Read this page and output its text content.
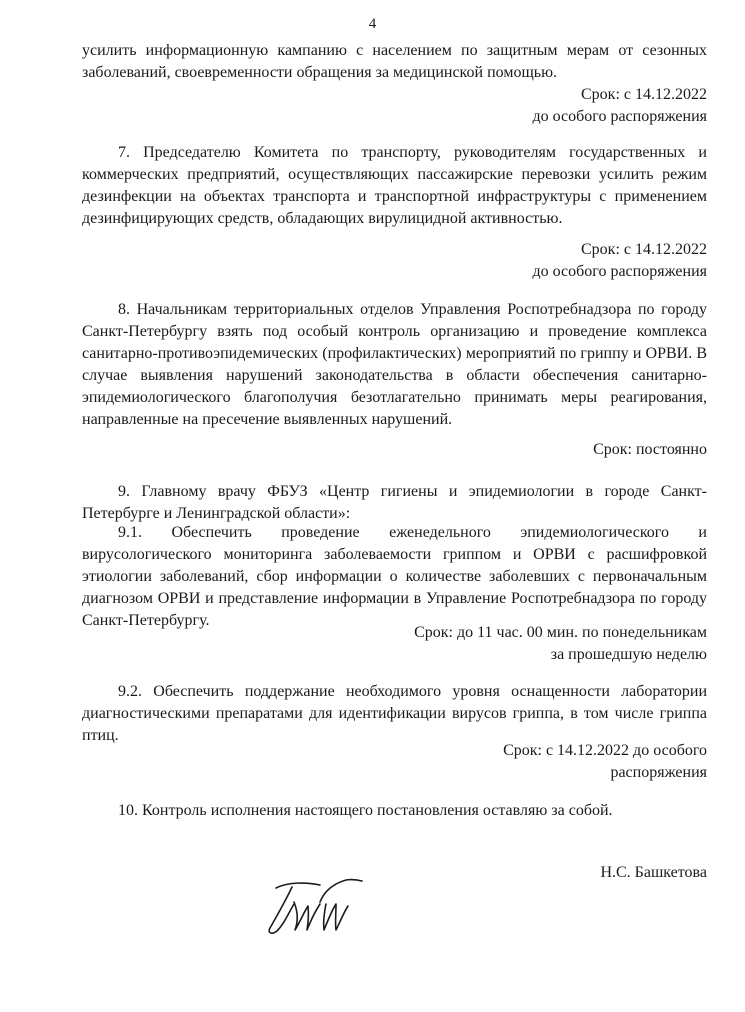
4

усилить информационную кампанию с населением по защитным мерам от сезонных заболеваний, своевременности обращения за медицинской помощью.

Срок: с 14.12.2022
до особого распоряжения

7. Председателю Комитета по транспорту, руководителям государственных и коммерческих предприятий, осуществляющих пассажирские перевозки усилить режим дезинфекции на объектах транспорта и транспортной инфраструктуры с применением дезинфицирующих средств, обладающих вирулицидной активностью.

Срок: с 14.12.2022
до особого распоряжения

8. Начальникам территориальных отделов Управления Роспотребнадзора по городу Санкт-Петербургу взять под особый контроль организацию и проведение комплекса санитарно-противоэпидемических (профилактических) мероприятий по гриппу и ОРВИ. В случае выявления нарушений законодательства в области обеспечения санитарно-эпидемиологического благополучия безотлагательно принимать меры реагирования, направленные на пресечение выявленных нарушений.

Срок: постоянно

9. Главному врачу ФБУЗ «Центр гигиены и эпидемиологии в городе Санкт-Петербурге и Ленинградской области»:

9.1. Обеспечить проведение еженедельного эпидемиологического и вирусологического мониторинга заболеваемости гриппом и ОРВИ с расшифровкой этиологии заболеваний, сбор информации о количестве заболевших с первоначальным диагнозом ОРВИ и представление информации в Управление Роспотребнадзора по городу Санкт-Петербургу.

Срок: до 11 час. 00 мин. по понедельникам
за прошедшую неделю

9.2. Обеспечить поддержание необходимого уровня оснащенности лаборатории диагностическими препаратами для идентификации вирусов гриппа, в том числе гриппа птиц.

Срок: с 14.12.2022 до особого
распоряжения

10. Контроль исполнения настоящего постановления оставляю за собой.

Н.С. Башкетова
